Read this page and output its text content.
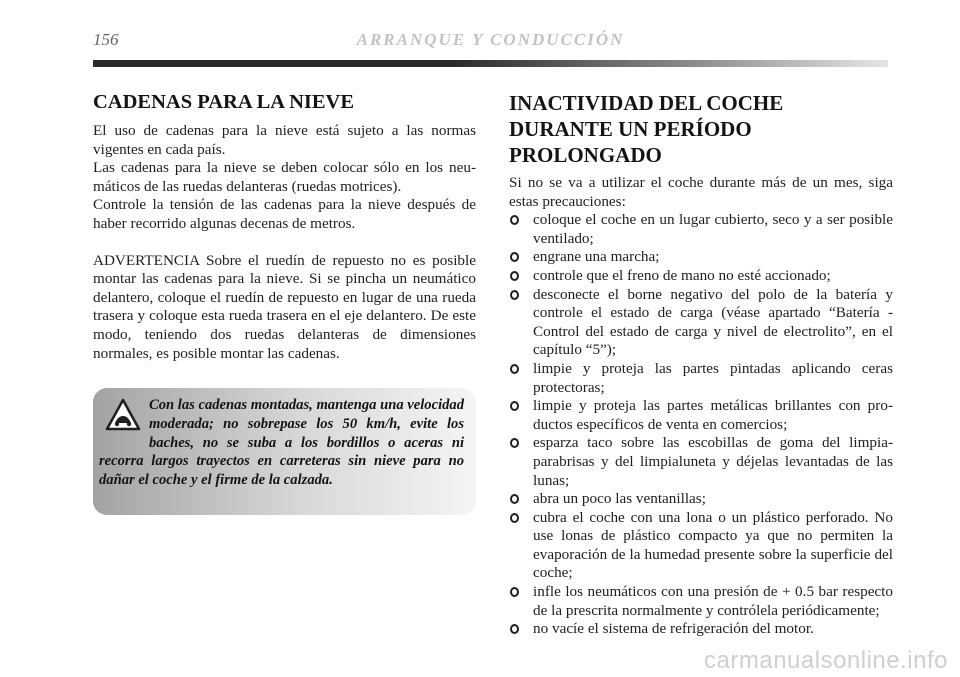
156	ARRANQUE Y CONDUCCIÓN
CADENAS PARA LA NIEVE

El uso de cadenas para la nieve está sujeto a las normas vigentes en cada país.

Las cadenas para la nieve se deben colocar sólo en los neumáticos de las ruedas delanteras (ruedas motrices).

Controle la tensión de las cadenas para la nieve después de haber recorrido algunas decenas de metros.

ADVERTENCIA Sobre el ruedín de repuesto no es posible montar las cadenas para la nieve. Si se pincha un neumático delantero, coloque el ruedín de repuesto en lugar de una rueda trasera y coloque esta rueda trasera en el eje delantero. De este modo, teniendo dos ruedas delanteras de dimensiones normales, es posible montar las cadenas.

Con las cadenas montadas, mantenga una velocidad moderada; no sobrepase los 50 km/h, evite los baches, no se suba a los bordillos o aceras ni recorra largos trayectos en carreteras sin nieve para no dañar el coche y el firme de la calzada.
INACTIVIDAD DEL COCHE
DURANTE UN PERÍODO
PROLONGADO

Si no se va a utilizar el coche durante más de un mes, siga estas precauciones:

coloque el coche en un lugar cubierto, seco y a ser posible ventilado;
engrane una marcha;
controle que el freno de mano no esté accionado;
desconecte el borne negativo del polo de la batería y controle el estado de carga (véase apartado “Batería - Control del estado de carga y nivel de electrolito”, en el capítulo “5”);
limpie y proteja las partes pintadas aplicando ceras protectoras;
limpie y proteja las partes metálicas brillantes con productos específicos de venta en comercios;
esparza taco sobre las escobillas de goma del limpiaparabrisas y del limpialuneta y déjelas levantadas de las lunas;
abra un poco las ventanillas;
cubra el coche con una lona o un plástico perforado. No use lonas de plástico compacto ya que no permiten la evaporación de la humedad presente sobre la superficie del coche;
infle los neumáticos con una presión de + 0.5 bar respecto de la prescrita normalmente y contrólela periódicamente;
no vacíe el sistema de refrigeración del motor.
carmanualsonline.info
